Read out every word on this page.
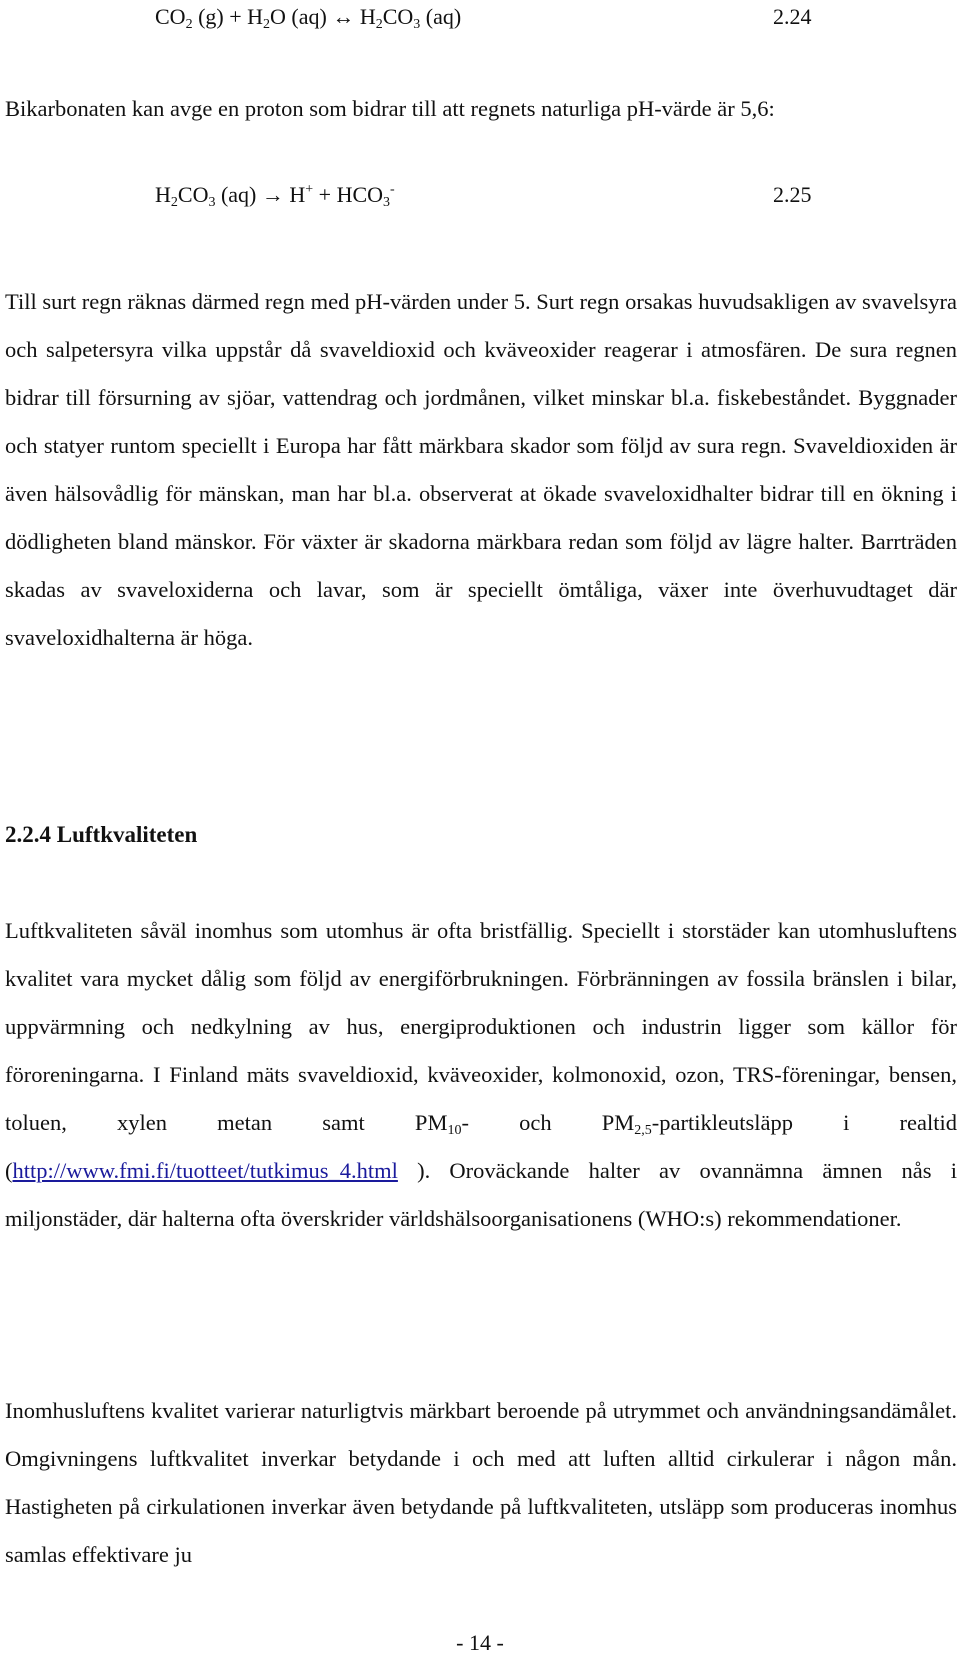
$CO_2$ $(g) + H_2O$ (aq) ↔ $H_2CO_3$ (aq)	2.24

Bikarbonaten kan avge en proton som bidrar till att regnets naturliga pH-värde är 5,6:

$H_2CO_3$ $(aq) \to H^+ + HCO_3^-$	2.25

Till surt regn räknas därmed regn med pH-värden under 5. Surt regn orsakas huvudsakligen av svavelsyra och salpetersyra vilka uppstår då svaveldioxid och kväveoxider reagerar i atmosfären. De sura regnen bidrar till försurning av sjöar, vattendrag och jordmånen, vilket minskar bl.a. fiskebeståndet. Byggnader och statyer runtom speciellt i Europa har fått märkbara skador som följd av sura regn. Svaveldioxiden är även hälsovådlig för mänskan, man har bl.a. observerat at ökade svaveloxidhalter bidrar till en ökning i dödligheten bland mänskor. För växter är skadorna märkbara redan som följd av lägre halter. Barrträden skadas av svaveloxiderna och lavar, som är speciellt ömtåliga, växer inte överhuvudtaget där svaveloxidhalterna är höga.

2.2.4 Luftkvaliteten

Luftkvaliteten såväl inomhus som utomhus är ofta bristfällig. Speciellt i storstäder kan utomhusluftens kvalitet vara mycket dålig som följd av energiförbrukningen. Förbränningen av fossila bränslen i bilar, uppvärmning och nedkylning av hus, energiproduktionen och industrin ligger som källor för föroreningarna. I Finland mäts svaveldioxid, kväveoxider, kolmonoxid, ozon, TRS-föreningar, bensen, toluen, xylen metan samt $PM_{10}-$ och $PM_{2,5}$-partikleutsläpp i realtid (http://www.fmi.fi/tuotteet/tutkimus_4.html ). Oroväckande halter av ovannämna ämnen nås i miljonstäder, där halterna ofta överskrider världshälsoorganisationens (WHO:s) rekommendationer.

Inomhusluftens kvalitet varierar naturligtvis märkbart beroende på utrymmet och användningsandämålet. Omgivningens luftkvalitet inverkar betydande i och med att luften alltid cirkulerar i någon mån. Hastigheten på cirkulationen inverkar även betydande på luftkvaliteten, utsläpp som produceras inomhus samlas effektivare ju

- 14 -
